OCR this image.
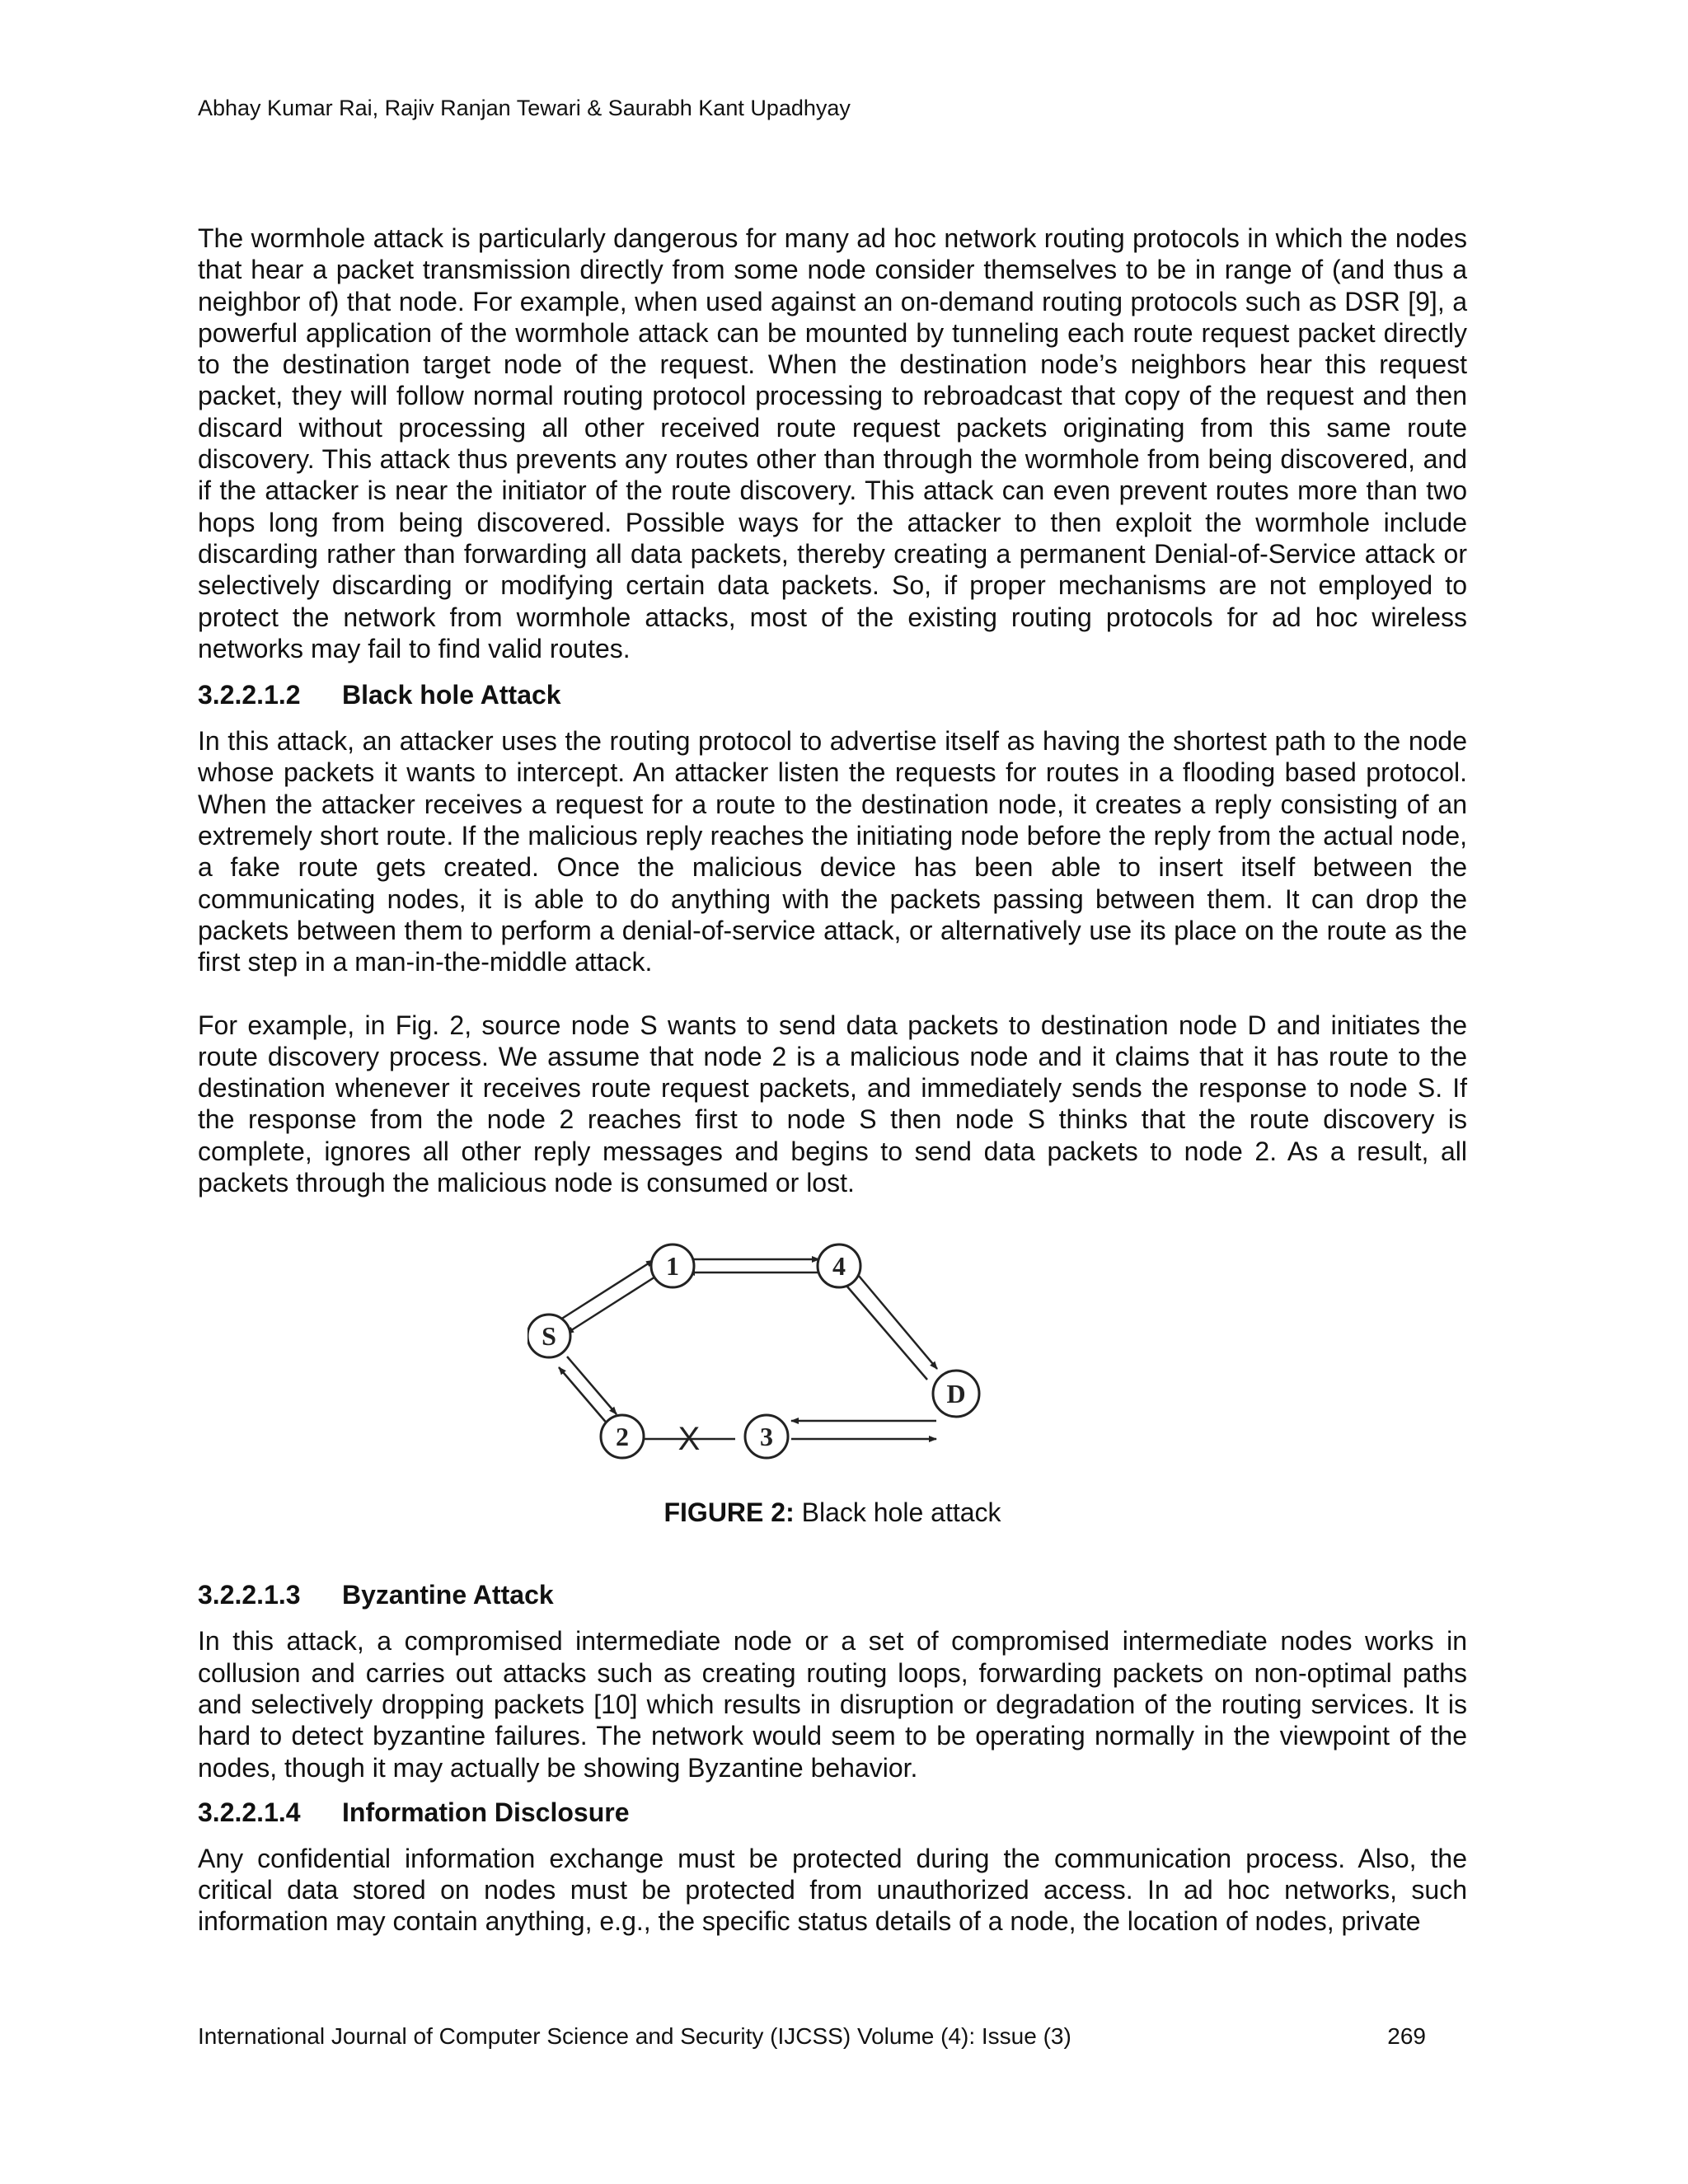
Abhay Kumar Rai, Rajiv Ranjan Tewari & Saurabh Kant Upadhyay

The wormhole attack is particularly dangerous for many ad hoc network routing protocols in which the nodes that hear a packet transmission directly from some node consider themselves to be in range of (and thus a neighbor of) that node. For example, when used against an on-demand routing protocols such as DSR [9], a powerful application of the wormhole attack can be mounted by tunneling each route request packet directly to the destination target node of the request. When the destination node’s neighbors hear this request packet, they will follow normal routing protocol processing to rebroadcast that copy of the request and then discard without processing all other received route request packets originating from this same route discovery. This attack thus prevents any routes other than through the wormhole from being discovered, and if the attacker is near the initiator of the route discovery. This attack can even prevent routes more than two hops long from being discovered. Possible ways for the attacker to then exploit the wormhole include discarding rather than forwarding all data packets, thereby creating a permanent Denial-of-Service attack or selectively discarding or modifying certain data packets. So, if proper mechanisms are not employed to protect the network from wormhole attacks, most of the existing routing protocols for ad hoc wireless networks may fail to find valid routes.

3.2.2.1.2	Black hole Attack

In this attack, an attacker uses the routing protocol to advertise itself as having the shortest path to the node whose packets it wants to intercept. An attacker listen the requests for routes in a flooding based protocol. When the attacker receives a request for a route to the destination node, it creates a reply consisting of an extremely short route. If the malicious reply reaches the initiating node before the reply from the actual node, a fake route gets created. Once the malicious device has been able to insert itself between the communicating nodes, it is able to do anything with the packets passing between them. It can drop the packets between them to perform a denial-of-service attack, or alternatively use its place on the route as the first step in a man-in-the-middle attack.

For example, in Fig. 2, source node S wants to send data packets to destination node D and initiates the route discovery process. We assume that node 2 is a malicious node and it claims that it has route to the destination whenever it receives route request packets, and immediately sends the response to node S. If the response from the node 2 reaches first to node S then node S thinks that the route discovery is complete, ignores all other reply messages and begins to send data packets to node 2. As a result, all packets through the malicious node is consumed or lost.

X
S
1	4
D
2	3
FIGURE 2: Black hole attack
3.2.2.1.3	Byzantine Attack

In this attack, a compromised intermediate node or a set of compromised intermediate nodes works in collusion and carries out attacks such as creating routing loops, forwarding packets on non-optimal paths and selectively dropping packets [10] which results in disruption or degradation of the routing services. It is hard to detect byzantine failures. The network would seem to be operating normally in the viewpoint of the nodes, though it may actually be showing Byzantine behavior.

3.2.2.1.4	Information Disclosure

Any confidential information exchange must be protected during the communication process. Also, the critical data stored on nodes must be protected from unauthorized access. In ad hoc networks, such information may contain anything, e.g., the specific status details of a node, the location of nodes, private

International Journal of Computer Science and Security (IJCSS) Volume (4): Issue (3)	269
